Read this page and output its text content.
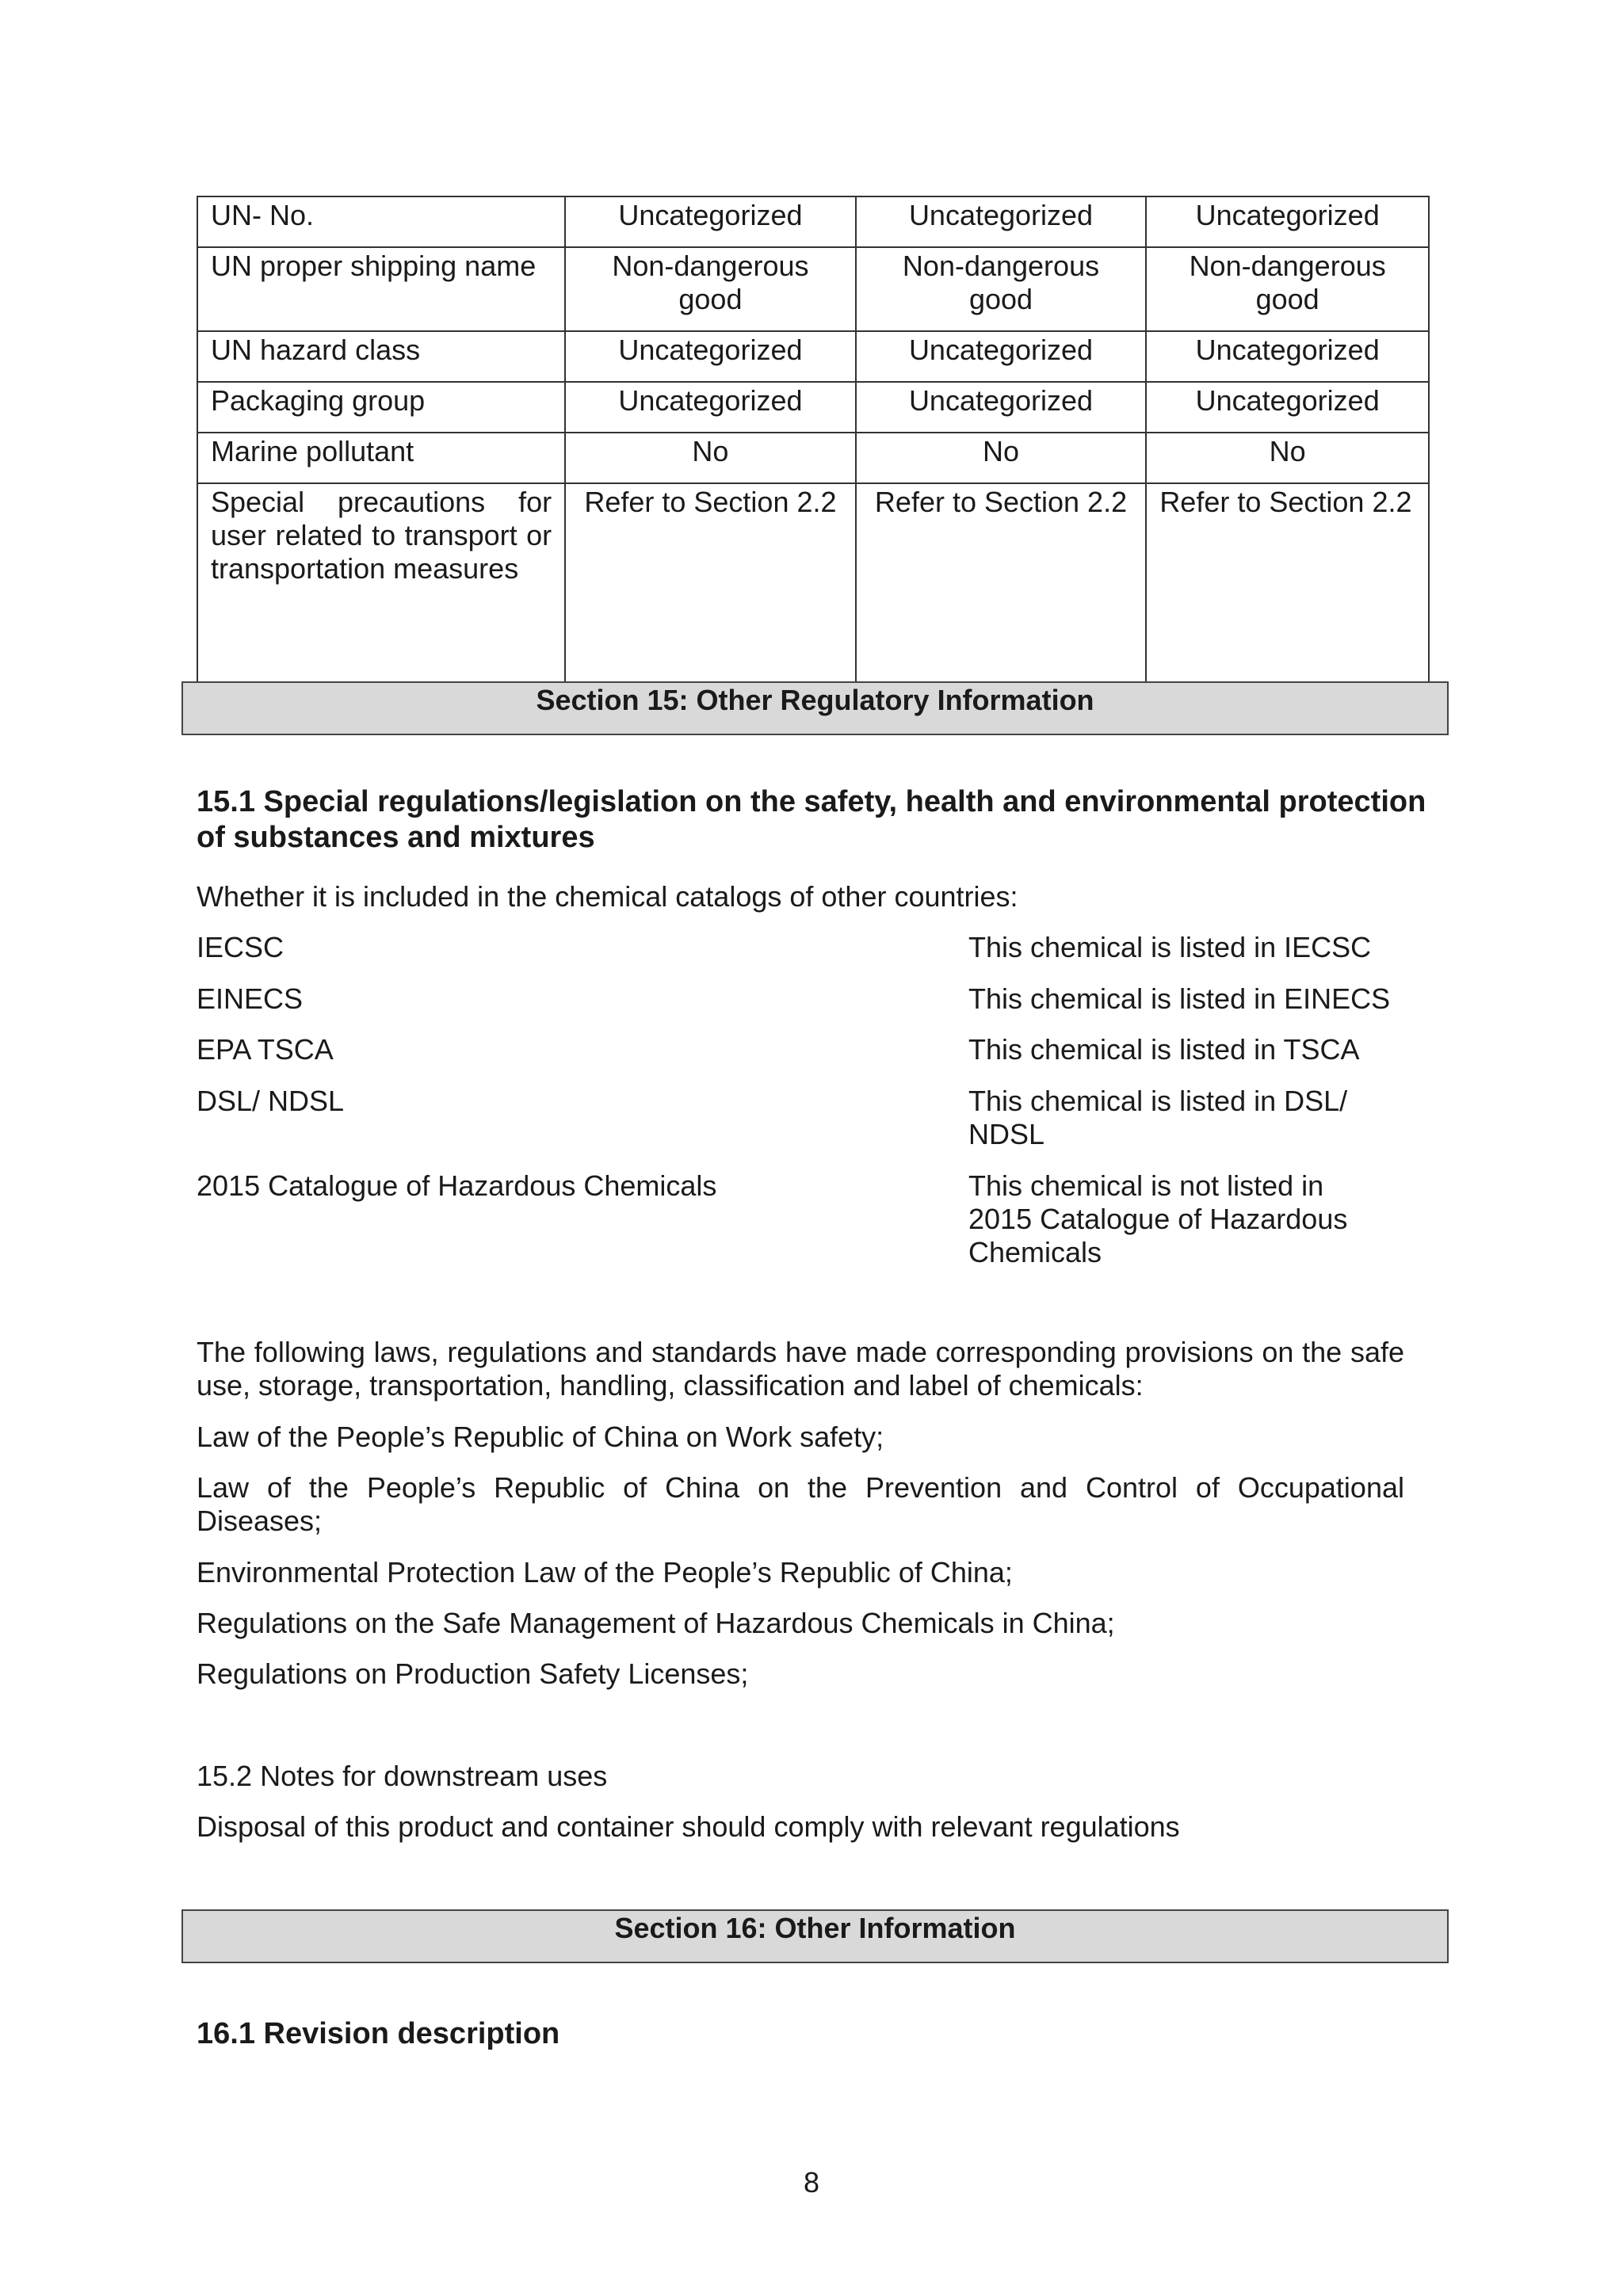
UN- No.	Uncategorized	Uncategorized	Uncategorized
UN proper shipping name	Non-dangerous good	Non-dangerous good	Non-dangerous good
UN hazard class	Uncategorized	Uncategorized	Uncategorized
Packaging group	Uncategorized	Uncategorized	Uncategorized
Marine pollutant	No	No	No
Special precautions for user related to transport or transportation measures	Refer to Section 2.2	Refer to Section 2.2	Refer to Section 2.2
Section 15: Other Regulatory Information

15.1 Special regulations/legislation on the safety, health and environmental protection of substances and mixtures

Whether it is included in the chemical catalogs of other countries:

IECSC	This chemical is listed in IECSC
EINECS	This chemical is listed in EINECS
EPA TSCA	This chemical is listed in TSCA
DSL/ NDSL	This chemical is listed in DSL/ NDSL
2015 Catalogue of Hazardous Chemicals	This chemical is not listed in 2015 Catalogue of Hazardous Chemicals

The following laws, regulations and standards have made corresponding provisions on the safe use, storage, transportation, handling, classification and label of chemicals:

Law of the People’s Republic of China on Work safety;

Law of the People’s Republic of China on the Prevention and Control of Occupational Diseases;

Environmental Protection Law of the People’s Republic of China;

Regulations on the Safe Management of Hazardous Chemicals in China;

Regulations on Production Safety Licenses;

15.2 Notes for downstream uses

Disposal of this product and container should comply with relevant regulations

Section 16: Other Information

16.1 Revision description

8
